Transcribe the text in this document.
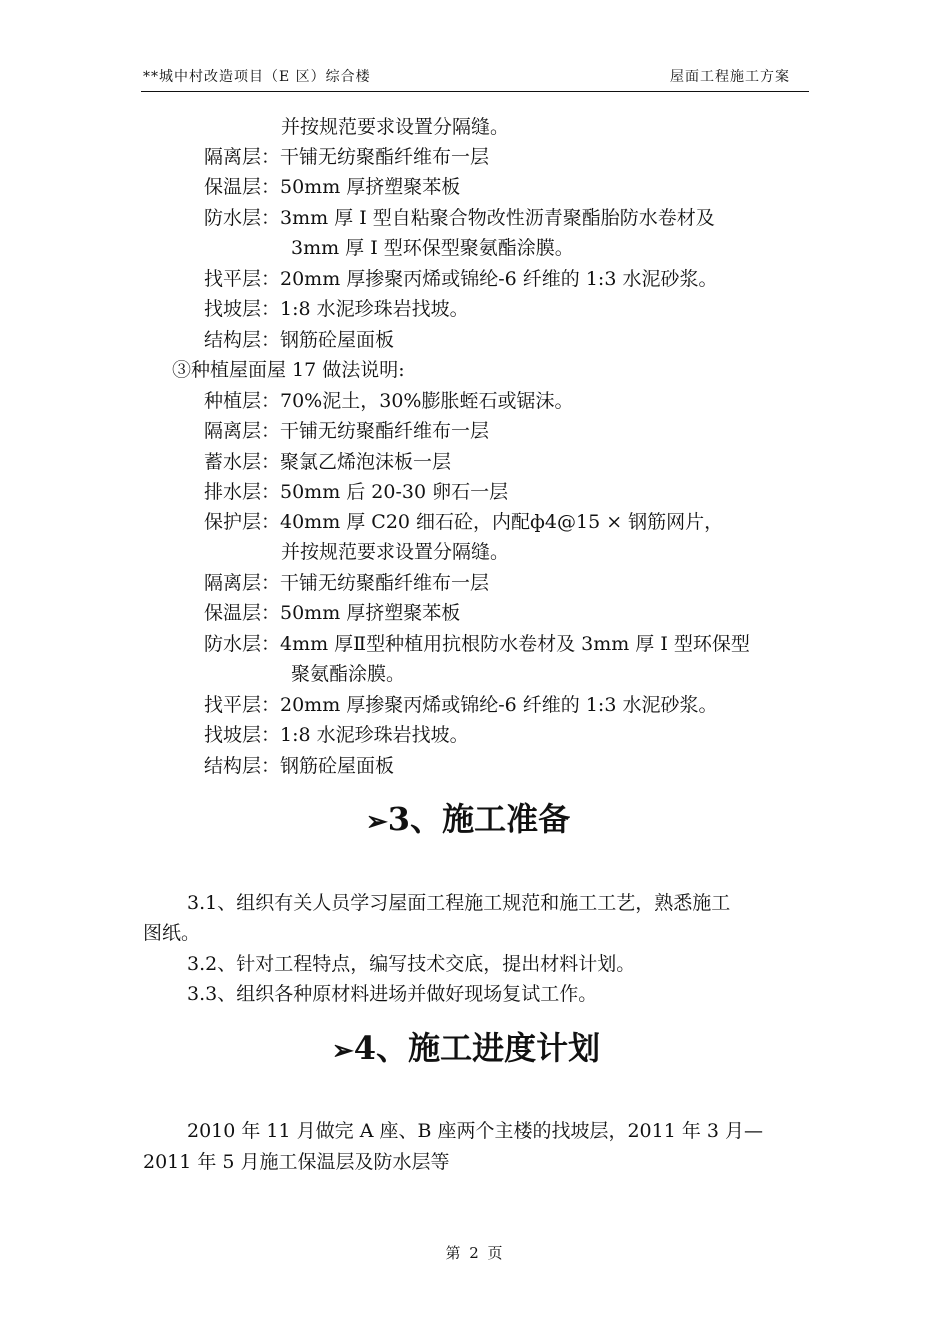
**城中村改造项目（E 区）综合楼	屋面工程施工方案
并按规范要求设置分隔缝。
隔离层：干铺无纺聚酯纤维布一层
保温层：50mm 厚挤塑聚苯板
防水层：3mm 厚 I 型自粘聚合物改性沥青聚酯胎防水卷材及
3mm 厚 I 型环保型聚氨酯涂膜。
找平层：20mm 厚掺聚丙烯或锦纶-6 纤维的 1:3 水泥砂浆。
找坡层：1:8 水泥珍珠岩找坡。
结构层：钢筋砼屋面板
③种植屋面屋 17 做法说明:
种植层：70%泥土，30%膨胀蛭石或锯沫。
隔离层：干铺无纺聚酯纤维布一层
蓄水层：聚氯乙烯泡沫板一层
排水层：50mm 后 20-30 卵石一层
保护层：40mm 厚 C20 细石砼，内配ф4@15 × 钢筋网片，
并按规范要求设置分隔缝。
隔离层：干铺无纺聚酯纤维布一层
保温层：50mm 厚挤塑聚苯板
防水层：4mm 厚Ⅱ型种植用抗根防水卷材及 3mm 厚 I 型环保型
聚氨酯涂膜。
找平层：20mm 厚掺聚丙烯或锦纶-6 纤维的 1:3 水泥砂浆。
找坡层：1:8 水泥珍珠岩找坡。
结构层：钢筋砼屋面板
➢3、施工准备
3.1、组织有关人员学习屋面工程施工规范和施工工艺，熟悉施工
图纸。
3.2、针对工程特点，编写技术交底，提出材料计划。
3.3、组织各种原材料进场并做好现场复试工作。
➢4、施工进度计划
2010 年 11 月做完 A 座、B 座两个主楼的找坡层，2011 年 3 月—
2011 年 5 月施工保温层及防水层等
第 2 页
